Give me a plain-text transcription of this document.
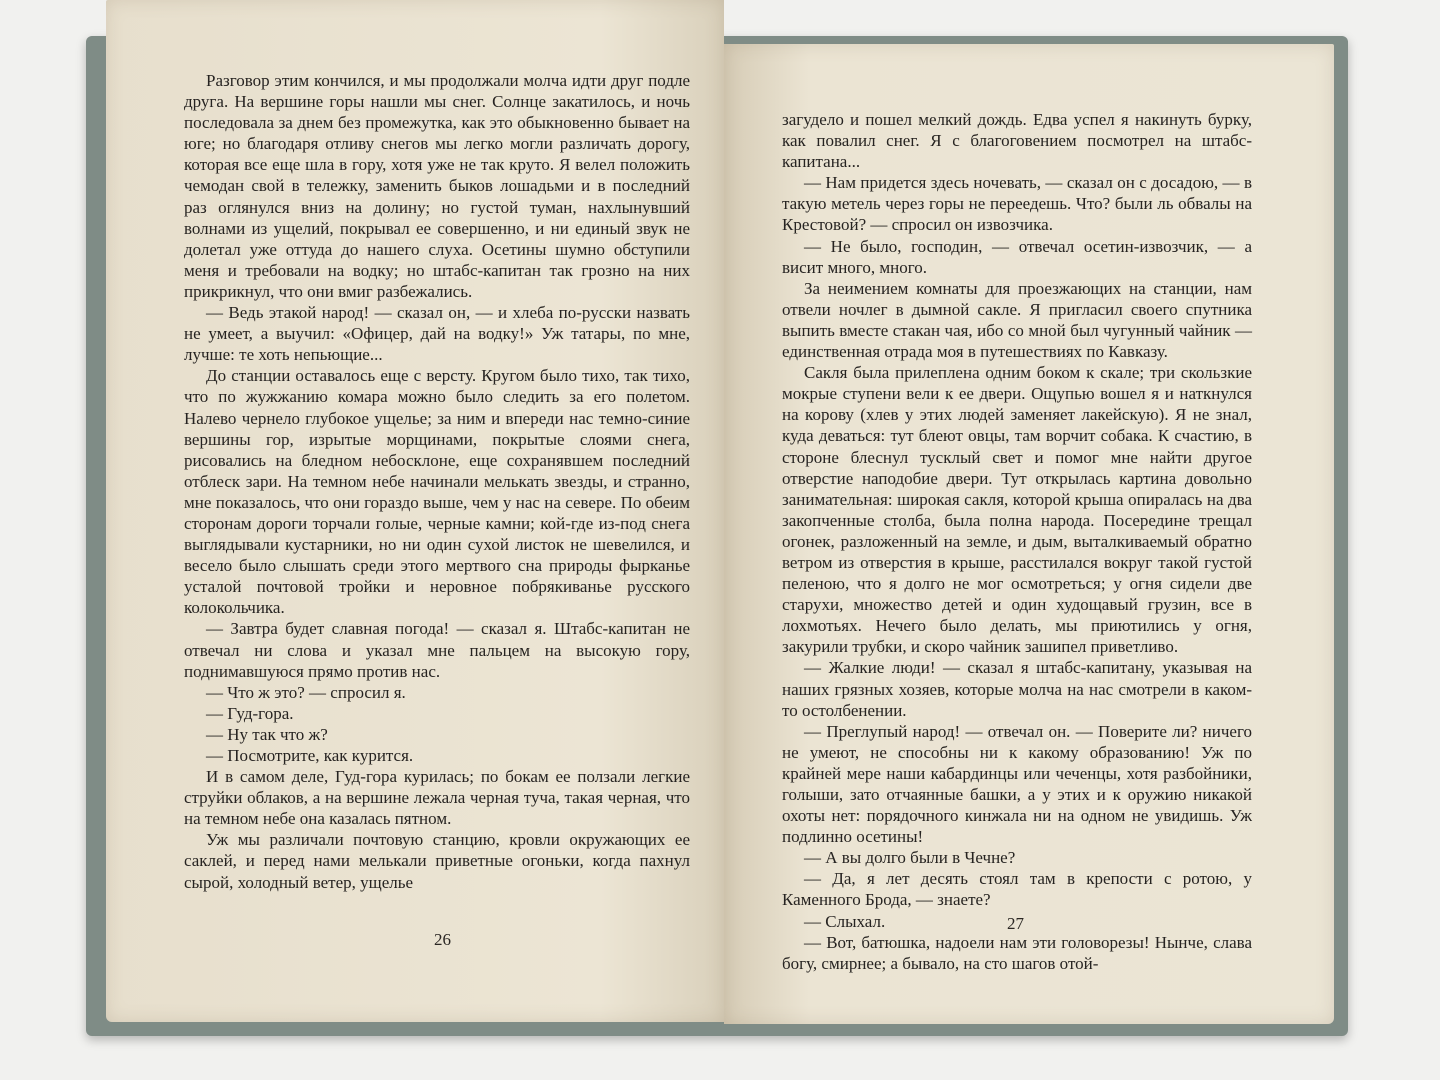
Разговор этим кончился, и мы продолжали молча идти друг подле друга. На вершине горы нашли мы снег. Солнце закатилось, и ночь последовала за днем без промежутка, как это обыкновенно бывает на юге; но благодаря отливу снегов мы легко могли различать дорогу, которая все еще шла в гору, хотя уже не так круто. Я велел положить чемодан свой в тележку, заменить быков лошадьми и в последний раз оглянулся вниз на долину; но густой туман, нахлынувший волнами из ущелий, покрывал ее совершенно, и ни единый звук не долетал уже оттуда до нашего слуха. Осетины шумно обступили меня и требовали на водку; но штабс-капитан так грозно на них прикрикнул, что они вмиг разбежались.

— Ведь этакой народ! — сказал он, — и хлеба по-русски назвать не умеет, а выучил: «Офицер, дай на водку!» Уж татары, по мне, лучше: те хоть непьющие...

До станции оставалось еще с версту. Кругом было тихо, так тихо, что по жужжанию комара можно было следить за его полетом. Налево чернело глубокое ущелье; за ним и впереди нас темно-синие вершины гор, изрытые морщинами, покрытые слоями снега, рисовались на бледном небосклоне, еще сохранявшем последний отблеск зари. На темном небе начинали мелькать звезды, и странно, мне показалось, что они гораздо выше, чем у нас на севере. По обеим сторонам дороги торчали голые, черные камни; кой-где из-под снега выглядывали кустарники, но ни один сухой листок не шевелился, и весело было слышать среди этого мертвого сна природы фырканье усталой почтовой тройки и неровное побрякиванье русского колокольчика.

— Завтра будет славная погода! — сказал я. Штабс-капитан не отвечал ни слова и указал мне пальцем на высокую гору, поднимавшуюся прямо против нас.

— Что ж это? — спросил я.

— Гуд-гора.

— Ну так что ж?

— Посмотрите, как курится.

И в самом деле, Гуд-гора курилась; по бокам ее ползали легкие струйки облаков, а на вершине лежала черная туча, такая черная, что на темном небе она казалась пятном.

Уж мы различали почтовую станцию, кровли окружающих ее саклей, и перед нами мелькали приветные огоньки, когда пахнул сырой, холодный ветер, ущелье

26

загудело и пошел мелкий дождь. Едва успел я накинуть бурку, как повалил снег. Я с благоговением посмотрел на штабс-капитана...

— Нам придется здесь ночевать, — сказал он с досадою, — в такую метель через горы не переедешь. Что? были ль обвалы на Крестовой? — спросил он извозчика.

— Не было, господин, — отвечал осетин-извозчик, — а висит много, много.

За неимением комнаты для проезжающих на станции, нам отвели ночлег в дымной сакле. Я пригласил своего спутника выпить вместе стакан чая, ибо со мной был чугунный чайник — единственная отрада моя в путешествиях по Кавказу.

Сакля была прилеплена одним боком к скале; три скользкие мокрые ступени вели к ее двери. Ощупью вошел я и наткнулся на корову (хлев у этих людей заменяет лакейскую). Я не знал, куда деваться: тут блеют овцы, там ворчит собака. К счастию, в стороне блеснул тусклый свет и помог мне найти другое отверстие наподобие двери. Тут открылась картина довольно занимательная: широкая сакля, которой крыша опиралась на два закопченные столба, была полна народа. Посередине трещал огонек, разложенный на земле, и дым, выталкиваемый обратно ветром из отверстия в крыше, расстилался вокруг такой густой пеленою, что я долго не мог осмотреться; у огня сидели две старухи, множество детей и один худощавый грузин, все в лохмотьях. Нечего было делать, мы приютились у огня, закурили трубки, и скоро чайник зашипел приветливо.

— Жалкие люди! — сказал я штабс-капитану, указывая на наших грязных хозяев, которые молча на нас смотрели в каком-то остолбенении.

— Преглупый народ! — отвечал он. — Поверите ли? ничего не умеют, не способны ни к какому образованию! Уж по крайней мере наши кабардинцы или чеченцы, хотя разбойники, голыши, зато отчаянные башки, а у этих и к оружию никакой охоты нет: порядочного кинжала ни на одном не увидишь. Уж подлинно осетины!

— А вы долго были в Чечне?

— Да, я лет десять стоял там в крепости с ротою, у Каменного Брода, — знаете?

— Слыхал.

— Вот, батюшка, надоели нам эти головорезы! Нынче, слава богу, смирнее; а бывало, на сто шагов отой-

27
